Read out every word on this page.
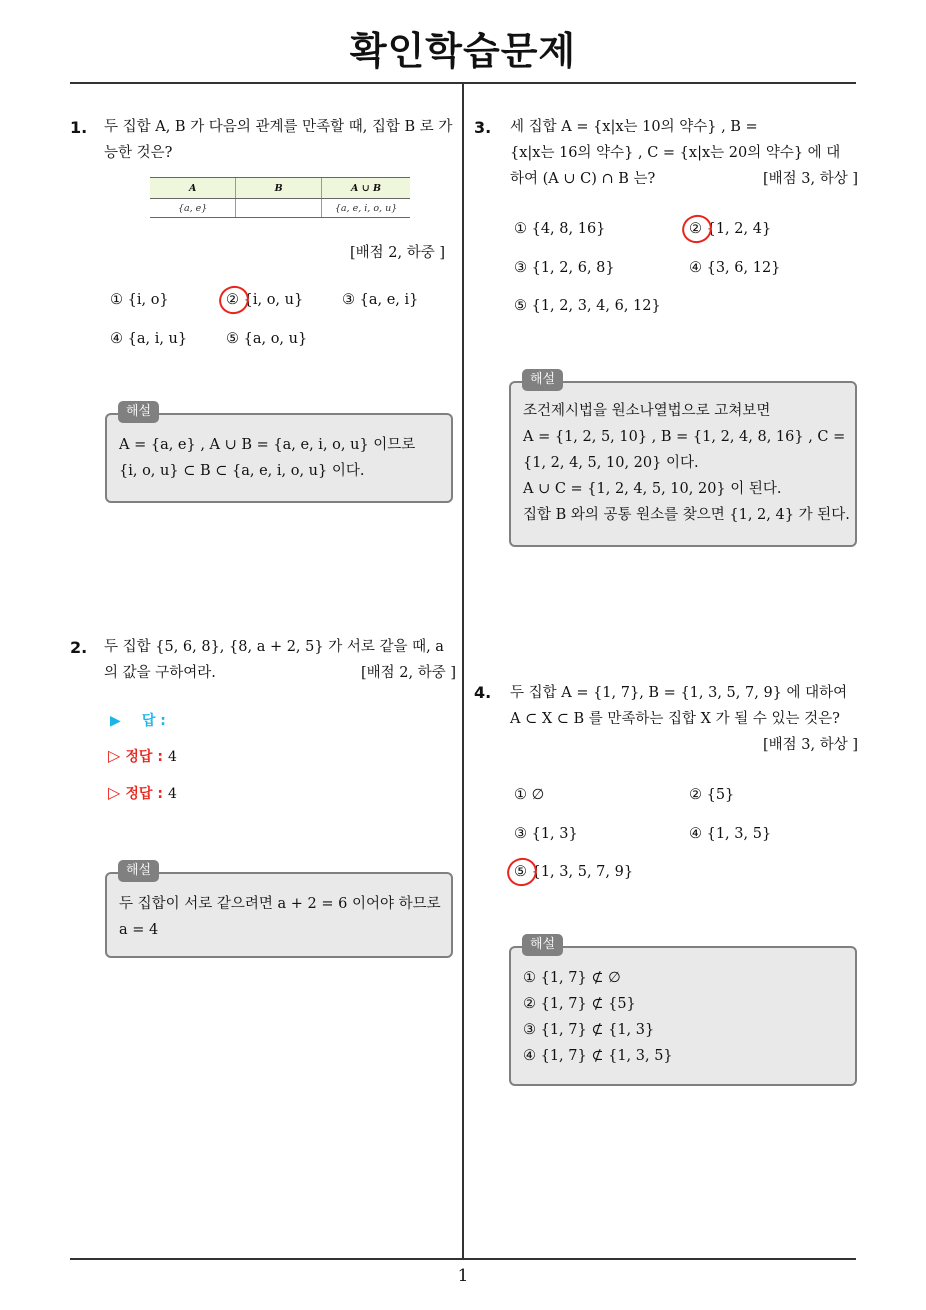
확인학습문제
1
1. 두 집합 A, B 가 다음의 관계를 만족할 때, 집합 B 로 가능한 것은?
A	B	A ∪ B
{a, e}		{a, e, i, o, u}
[배점 2, 하중 ]
① {i, o}	② {i, o, u}	③ {a, e, i}
④ {a, i, u}	⑤ {a, o, u}
A = {a, e} , A ∪ B = {a, e, i, o, u} 이므로
{i, o, u} ⊂ B ⊂ {a, e, i, o, u} 이다.
해설
2. 두 집합 {5, 6, 8}, {8, a + 2, 5} 가 서로 같을 때, a
의 값을 구하여라.	[배점 2, 하중 ]
▶ 답 :
▷ 정답 : 4
▷ 정답 : 4
두 집합이 서로 같으려면 a + 2 = 6 이어야 하므로
a = 4
해설
3. 세 집합 A = {x|x는 10의 약수} , B =
{x|x는 16의 약수} , C = {x|x는 20의 약수} 에 대
하여 (A ∪ C) ∩ B 는?	[배점 3, 하상 ]
① {4, 8, 16}	② {1, 2, 4}
③ {1, 2, 6, 8}	④ {3, 6, 12}
⑤ {1, 2, 3, 4, 6, 12}
조건제시법을 원소나열법으로 고쳐보면
A = {1, 2, 5, 10} , B = {1, 2, 4, 8, 16} , C =
{1, 2, 4, 5, 10, 20} 이다.
A ∪ C = {1, 2, 4, 5, 10, 20} 이 된다.
집합 B 와의 공통 원소를 찾으면 {1, 2, 4} 가 된다.
해설
4. 두 집합 A = {1, 7}, B = {1, 3, 5, 7, 9} 에 대하여
A ⊂ X ⊂ B 를 만족하는 집합 X 가 될 수 있는 것은?
[배점 3, 하상 ]
① ∅	② {5}
③ {1, 3}	④ {1, 3, 5}
⑤ {1, 3, 5, 7, 9}
① {1, 7} ⊄ ∅
② {1, 7} ⊄ {5}
③ {1, 7} ⊄ {1, 3}
④ {1, 7} ⊄ {1, 3, 5}
해설
